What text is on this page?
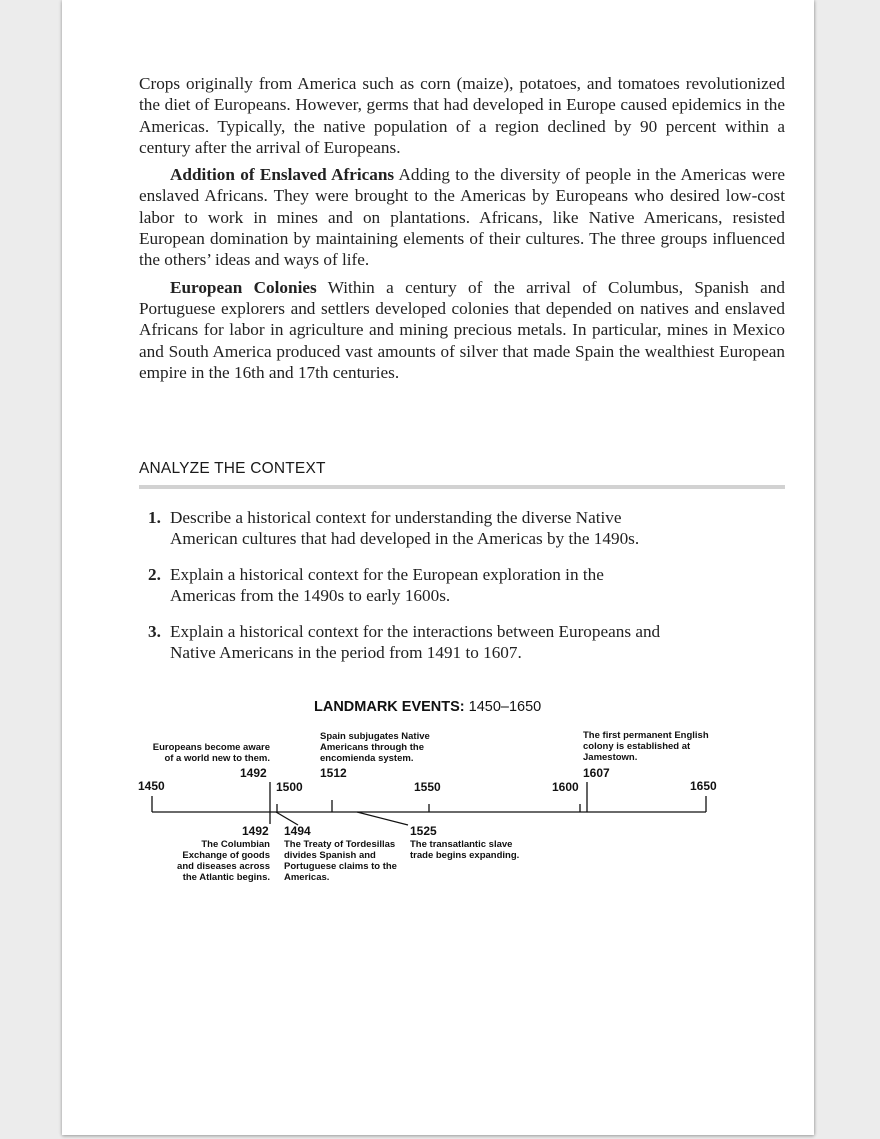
Crops originally from America such as corn (maize), potatoes, and tomatoes revolutionized the diet of Europeans. However, germs that had developed in Europe caused epidemics in the Americas. Typically, the native population of a region declined by 90 percent within a century after the arrival of Europeans.

Addition of Enslaved Africans Adding to the diversity of people in the Americas were enslaved Africans. They were brought to the Americas by Europeans who desired low-cost labor to work in mines and on plantations. Africans, like Native Americans, resisted European domination by maintaining elements of their cultures. The three groups influenced the others’ ideas and ways of life.

European Colonies Within a century of the arrival of Columbus, Spanish and Portuguese explorers and settlers developed colonies that depended on natives and enslaved Africans for labor in agriculture and mining precious metals. In particular, mines in Mexico and South America produced vast amounts of silver that made Spain the wealthiest European empire in the 16th and 17th centuries.

ANALYZE THE CONTEXT
1. Describe a historical context for understanding the diverse Native
American cultures that had developed in the Americas by the 1490s.
2. Explain a historical context for the European exploration in the
Americas from the 1490s to early 1600s.
3. Explain a historical context for the interactions between Europeans and
Native Americans in the period from 1491 to 1607.
LANDMARK EVENTS: 1450–1650
1450	1500	1550	1600	1650
Europeans become aware
of a world new to them.
1492
Spain subjugates Native
Americans through the
encomienda system.
1512
The first permanent English
colony is established at
Jamestown.
1607
1492
The Columbian
Exchange of goods
and diseases across
the Atlantic begins.
1494
The Treaty of Tordesillas
divides Spanish and
Portuguese claims to the
Americas.
1525
The transatlantic slave
trade begins expanding.
